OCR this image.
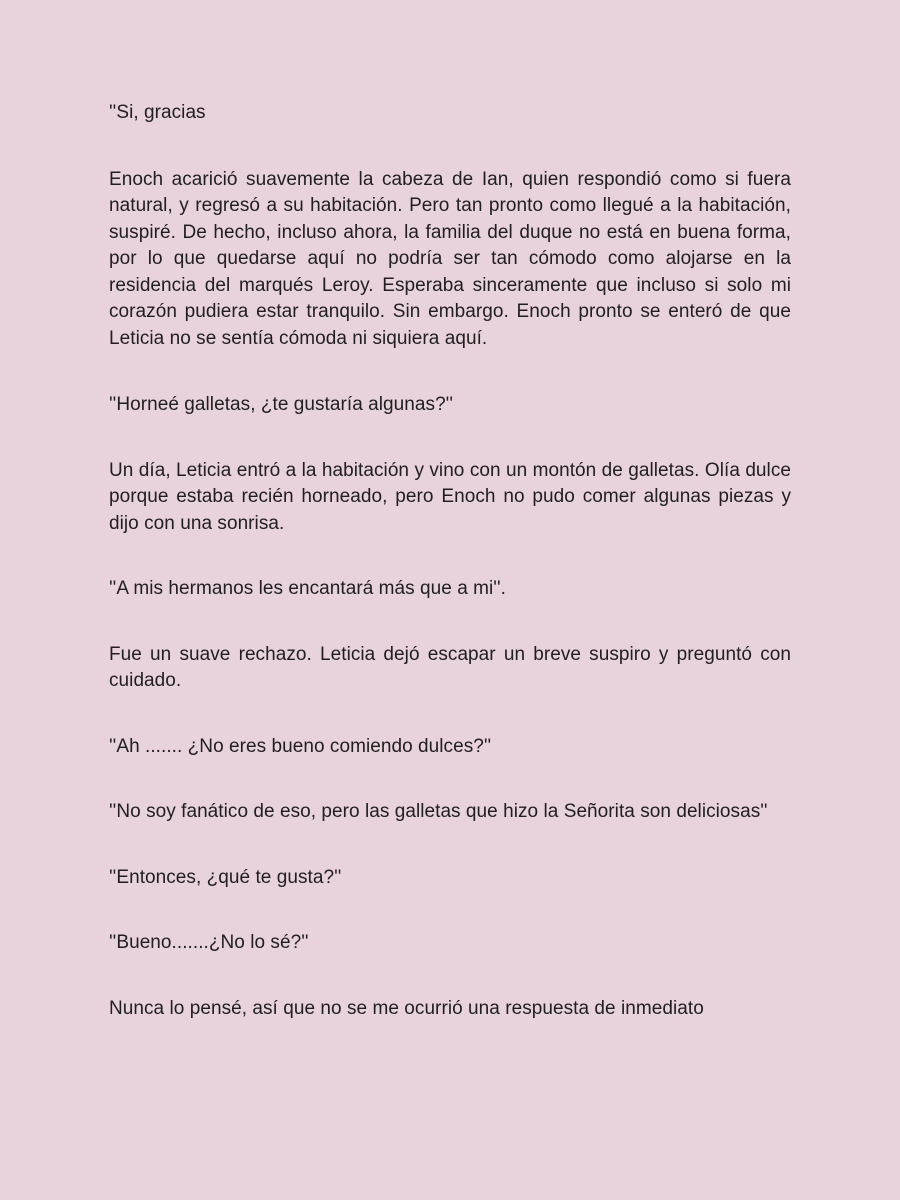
''Si, gracias

Enoch acarició suavemente la cabeza de Ian, quien respondió como si fuera natural, y regresó a su habitación. Pero tan pronto como llegué a la habitación, suspiré. De hecho, incluso ahora, la familia del duque no está en buena forma, por lo que quedarse aquí no podría ser tan cómodo como alojarse en la residencia del marqués Leroy. Esperaba sinceramente que incluso si solo mi corazón pudiera estar tranquilo. Sin embargo. Enoch pronto se enteró de que Leticia no se sentía cómoda ni siquiera aquí.

''Horneé galletas, ¿te gustaría algunas?''

Un día, Leticia entró a la habitación y vino con un montón de galletas. Olía dulce porque estaba recién horneado, pero Enoch no pudo comer algunas piezas y dijo con una sonrisa.

''A mis hermanos les encantará más que a mi''.

Fue un suave rechazo. Leticia dejó escapar un breve suspiro y preguntó con cuidado.

''Ah ....... ¿No eres bueno comiendo dulces?''

''No soy fanático de eso, pero las galletas que hizo la Señorita son deliciosas''

''Entonces, ¿qué te gusta?''

''Bueno.......¿No lo sé?''

Nunca lo pensé, así que no se me ocurrió una respuesta de inmediato
